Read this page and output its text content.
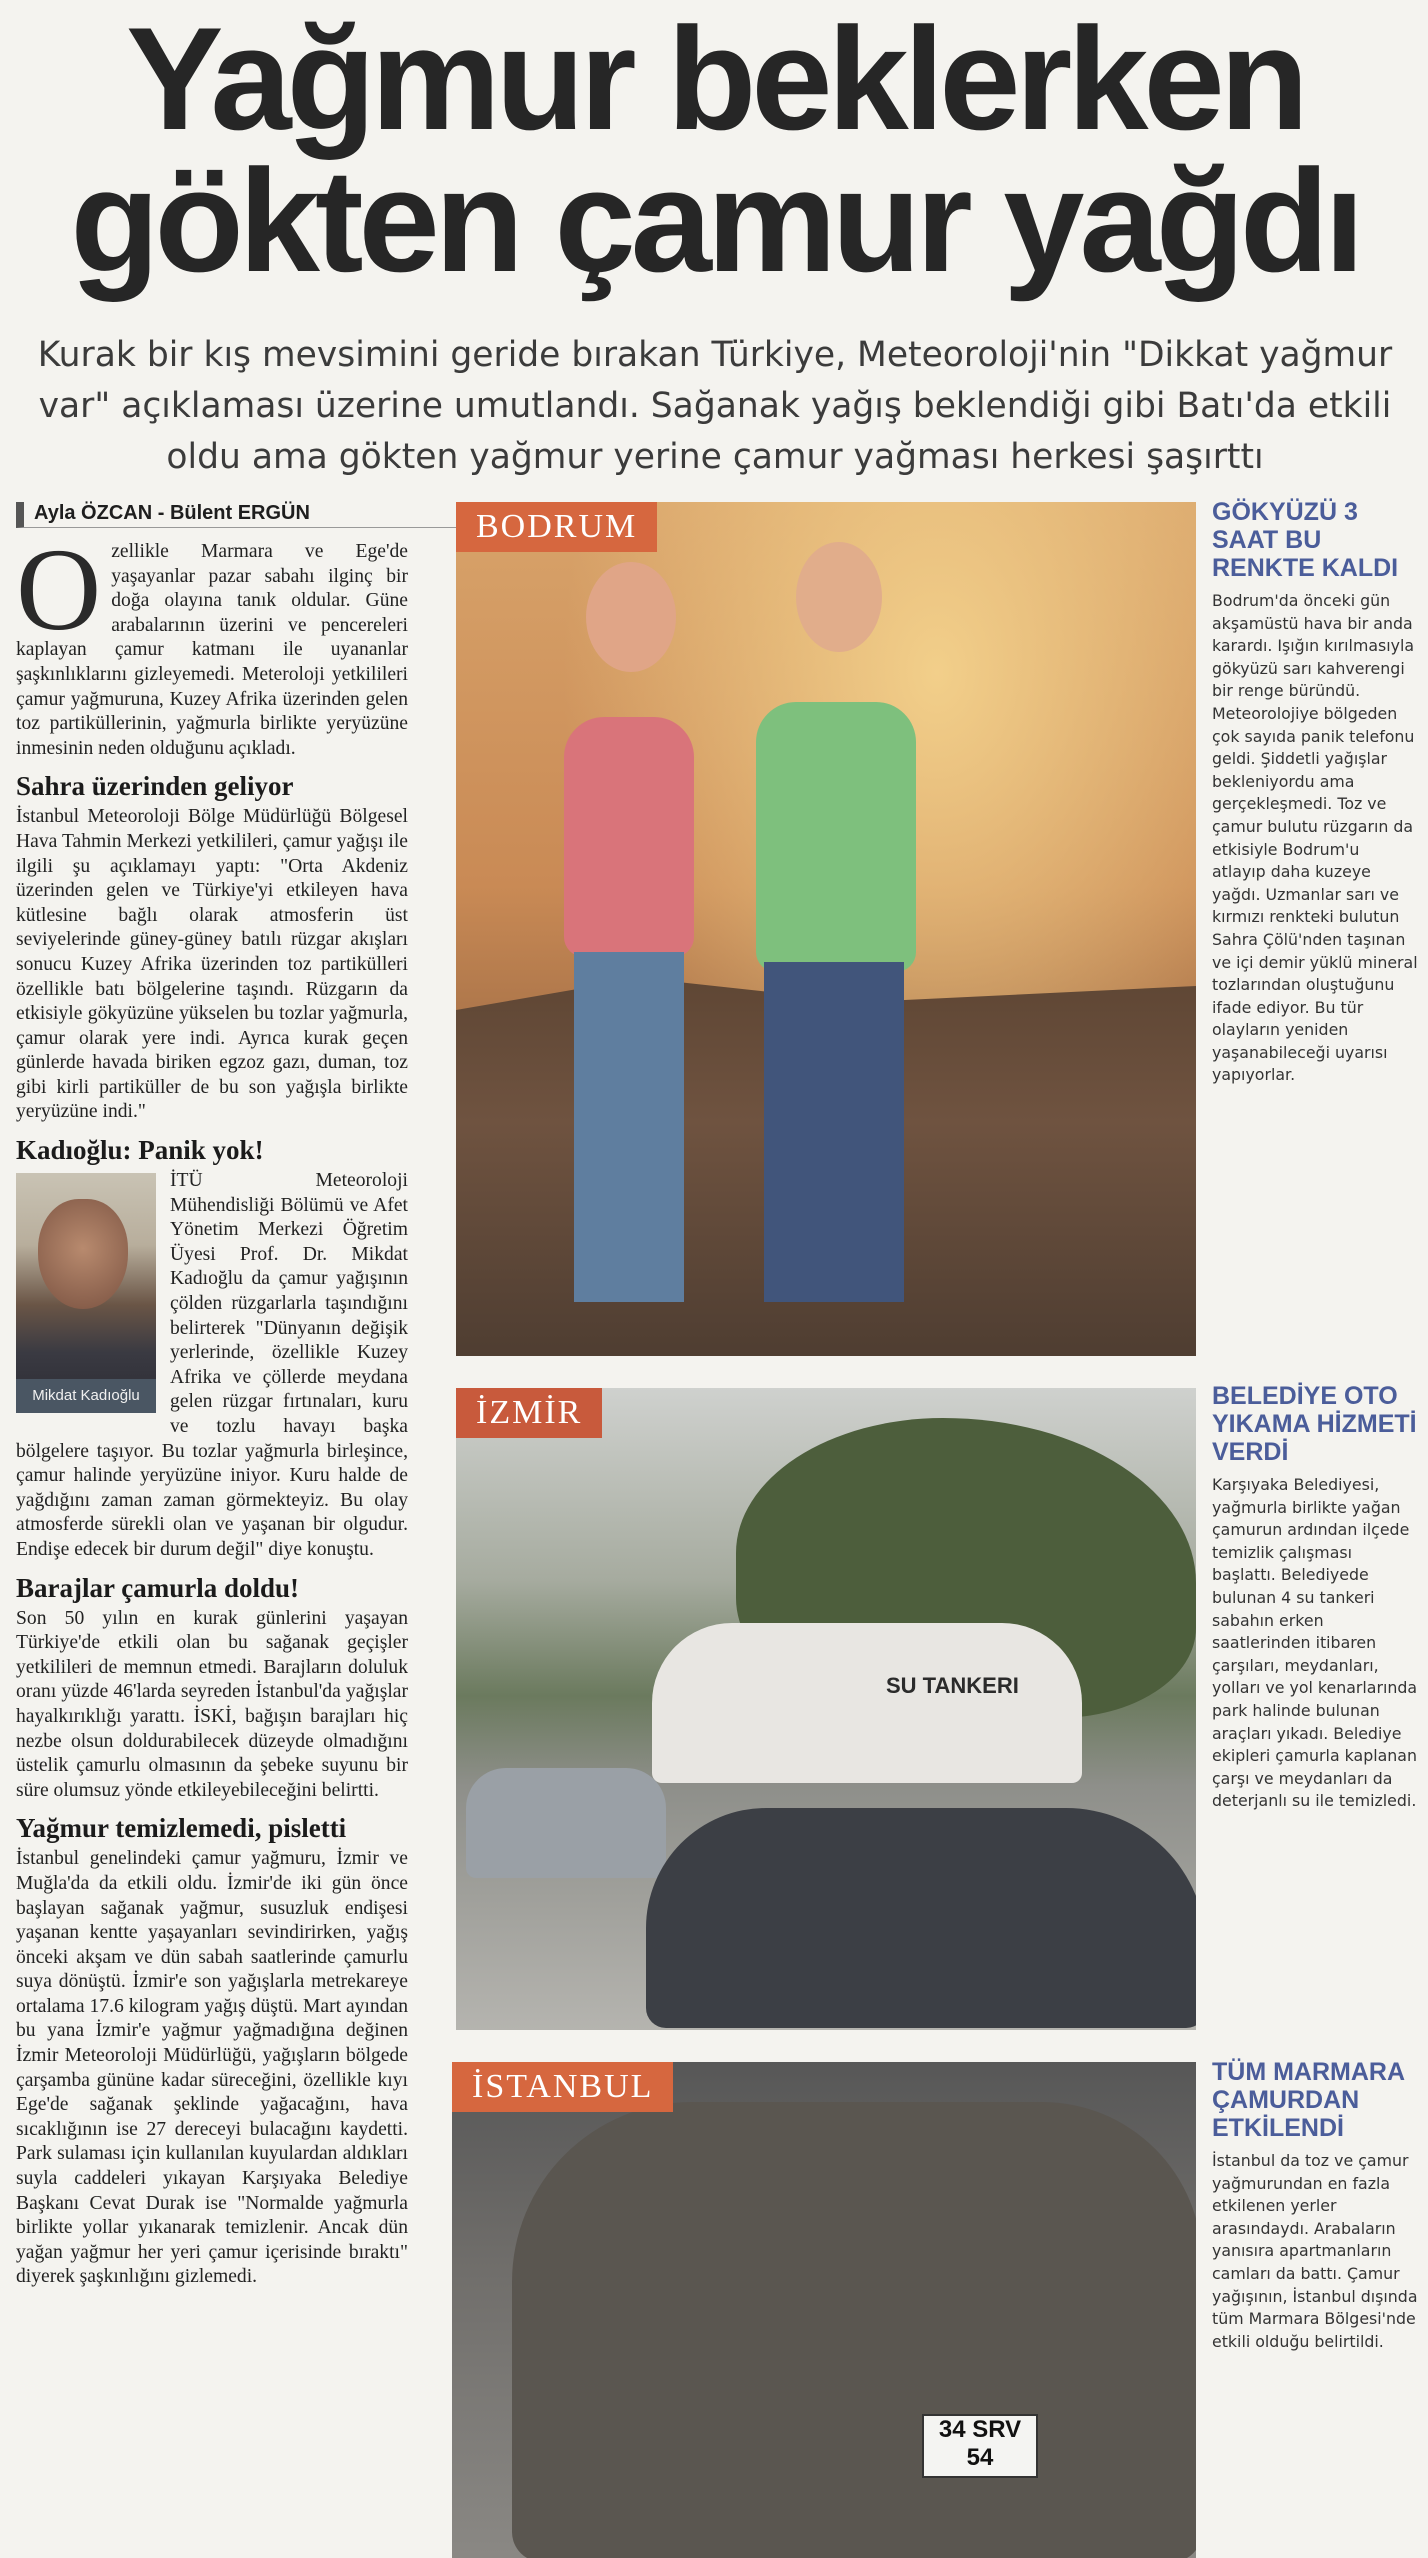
Yağmur beklerken gökten çamur yağdı

Kurak bir kış mevsimini geride bırakan Türkiye, Meteoroloji'nin "Dikkat yağmur var" açıklaması üzerine umutlandı. Sağanak yağış beklendiği gibi Batı'da etkili oldu ama gökten yağmur yerine çamur yağması herkesi şaşırttı

Ayla ÖZCAN - Bülent ERGÜN

Ozellikle Marmara ve Ege'de yaşayanlar pazar sabahı ilginç bir doğa olayına tanık oldular. Güne arabalarının üzerini ve pencereleri kaplayan çamur katmanı ile uyananlar şaşkınlıklarını gizleyemedi. Meteroloji yetkilileri çamur yağmuruna, Kuzey Afrika üzerinden gelen toz partiküllerinin, yağmurla birlikte yeryüzüne inmesinin neden olduğunu açıkladı.

Sahra üzerinden geliyor

İstanbul Meteoroloji Bölge Müdürlüğü Bölgesel Hava Tahmin Merkezi yetkilileri, çamur yağışı ile ilgili şu açıklamayı yaptı: "Orta Akdeniz üzerinden gelen ve Türkiye'yi etkileyen hava kütlesine bağlı olarak atmosferin üst seviyelerinde güney-güney batılı rüzgar akışları sonucu Kuzey Afrika üzerinden toz partikülleri özellikle batı bölgelerine taşındı. Rüzgarın da etkisiyle gökyüzüne yükselen bu tozlar yağmurla, çamur olarak yere indi. Ayrıca kurak geçen günlerde havada biriken egzoz gazı, duman, toz gibi kirli partiküller de bu son yağışla birlikte yeryüzüne indi."

Kadıoğlu: Panik yok!

Mikdat Kadıoğlu
İTÜ Meteoroloji Mühendisliği Bölümü ve Afet Yönetim Merkezi Öğretim Üyesi Prof. Dr. Mikdat Kadıoğlu da çamur yağışının çölden rüzgarlarla taşındığını belirterek "Dünyanın değişik yerlerinde, özellikle Kuzey Afrika ve çöllerde meydana gelen rüzgar fırtınaları, kuru ve tozlu havayı başka bölgelere taşıyor. Bu tozlar yağmurla birleşince, çamur halinde yeryüzüne iniyor. Kuru halde de yağdığını zaman zaman görmekteyiz. Bu olay atmosferde sürekli olan ve yaşanan bir olgudur. Endişe edecek bir durum değil" diye konuştu.

Barajlar çamurla doldu!

Son 50 yılın en kurak günlerini yaşayan Türkiye'de etkili olan bu sağanak geçişler yetkilileri de memnun etmedi. Barajların doluluk oranı yüzde 46'larda seyreden İstanbul'da yağışlar hayalkırıklığı yarattı. İSKİ, bağışın barajları hiç nezbe olsun doldurabilecek düzeyde olmadığını üstelik çamurlu olmasının da şebeke suyunu bir süre olumsuz yönde etkileyebileceğini belirtti.

Yağmur temizlemedi, pisletti

İstanbul genelindeki çamur yağmuru, İzmir ve Muğla'da da etkili oldu. İzmir'de iki gün önce başlayan sağanak yağmur, susuzluk endişesi yaşanan kentte yaşayanları sevindirirken, yağış önceki akşam ve dün sabah saatlerinde çamurlu suya dönüştü. İzmir'e son yağışlarla metrekareye ortalama 17.6 kilogram yağış düştü. Mart ayından bu yana İzmir'e yağmur yağmadığına değinen İzmir Meteoroloji Müdürlüğü, yağışların bölgede çarşamba gününe kadar süreceğini, özellikle kıyı Ege'de sağanak şeklinde yağacağını, hava sıcaklığının ise 27 dereceyi bulacağını kaydetti. Park sulaması için kullanılan kuyulardan aldıkları suyla caddeleri yıkayan Karşıyaka Belediye Başkanı Cevat Durak ise "Normalde yağmurla birlikte yollar yıkanarak temizlenir. Ancak dün yağan yağmur her yeri çamur içerisinde bıraktı" diyerek şaşkınlığını gizlemedi.

BODRUM
SU TANKERI
İZMİR
34 SRV
54
İSTANBUL
GÖKYÜZÜ 3 SAAT BU RENKTE KALDI

Bodrum'da önceki gün akşamüstü hava bir anda karardı. Işığın kırılmasıyla gökyüzü sarı kahverengi bir renge büründü. Meteorolojiye bölgeden çok sayıda panik telefonu geldi. Şiddetli yağışlar bekleniyordu ama gerçekleşmedi. Toz ve çamur bulutu rüzgarın da etkisiyle Bodrum'u atlayıp daha kuzeye yağdı. Uzmanlar sarı ve kırmızı renkteki bulutun Sahra Çölü'nden taşınan ve içi demir yüklü mineral tozlarından oluştuğunu ifade ediyor. Bu tür olayların yeniden yaşanabileceği uyarısı yapıyorlar.

BELEDİYE OTO YIKAMA HİZMETİ VERDİ

Karşıyaka Belediyesi, yağmurla birlikte yağan çamurun ardından ilçede temizlik çalışması başlattı. Belediyede bulunan 4 su tankeri sabahın erken saatlerinden itibaren çarşıları, meydanları, yolları ve yol kenarlarında park halinde bulunan araçları yıkadı. Belediye ekipleri çamurla kaplanan çarşı ve meydanları da deterjanlı su ile temizledi.

TÜM MARMARA ÇAMURDAN ETKİLENDİ

İstanbul da toz ve çamur yağmurundan en fazla etkilenen yerler arasındaydı. Arabaların yanısıra apartmanların camları da battı. Çamur yağışının, İstanbul dışında tüm Marmara Bölgesi'nde etkili olduğu belirtildi.
